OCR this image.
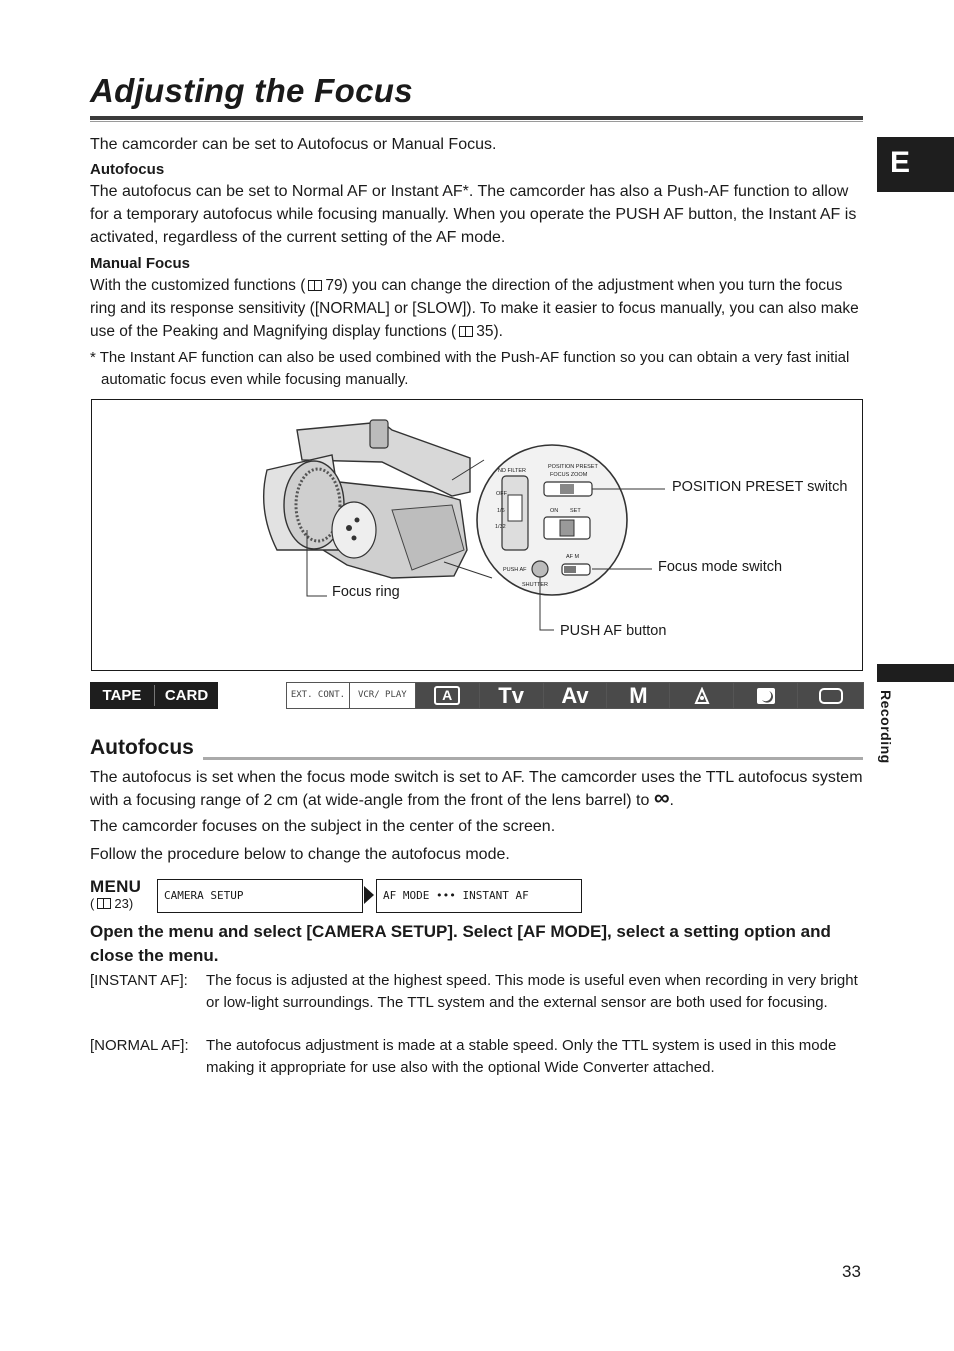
Adjusting the Focus
E
Recording
The camcorder can be set to Autofocus or Manual Focus.
Autofocus
The autofocus can be set to Normal AF or Instant AF*. The camcorder has also a Push-AF function to allow for a temporary autofocus while focusing manually. When you operate the PUSH AF button, the Instant AF is activated, regardless of the current setting of the AF mode.
Manual Focus
With the customized functions ( 79) you can change the direction of the adjustment when you turn the focus ring and its response sensitivity ([NORMAL] or [SLOW]). To make it easier to focus manually, you can also make use of the Peaking and Magnifying display functions ( 35).
* The Instant AF function can also be used combined with the Push-AF function so you can obtain a very fast initial automatic focus even while focusing manually.
ND FILTER
OFF
1/6
1/32
POSITION PRESET
FOCUS ZOOM
ON SET
AF M
PUSH AF
SHUTTER
POSITION PRESET switch
Focus mode switch
Focus ring
PUSH AF button
TAPE	CARD	EXT. CONT.	VCR/ PLAY	A	Tv	Av	M
Autofocus
The autofocus is set when the focus mode switch is set to AF. The camcorder uses the TTL autofocus system with a focusing range of 2 cm (at wide-angle from the front of the lens barrel) to ∞.
The camcorder focuses on the subject in the center of the screen.
Follow the procedure below to change the autofocus mode.
MENU
( 23)
CAMERA SETUP	AF MODE ••• INSTANT AF
Open the menu and select [CAMERA SETUP]. Select [AF MODE], select a setting option and close the menu.
[INSTANT AF]: The focus is adjusted at the highest speed. This mode is useful even when recording in very bright or low-light surroundings. The TTL system and the external sensor are both used for focusing.
[NORMAL AF]: The autofocus adjustment is made at a stable speed. Only the TTL system is used in this mode making it appropriate for use also with the optional Wide Converter attached.
33
